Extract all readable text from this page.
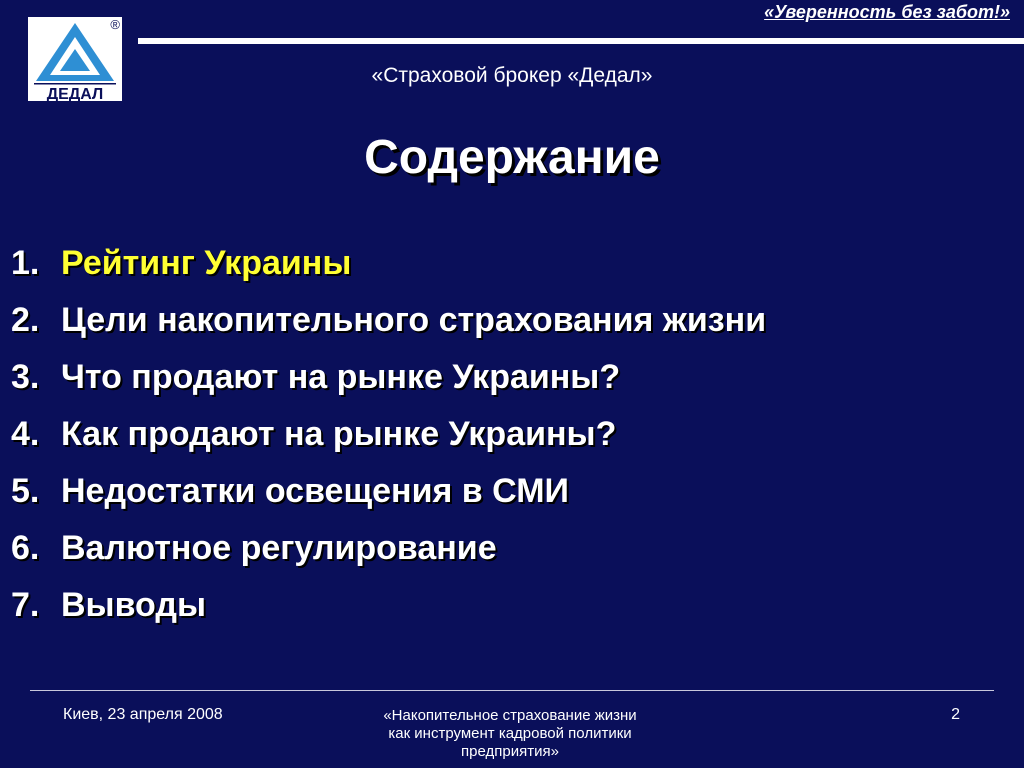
ДЕДАЛ
®
«Уверенность без забот!»
«Страховой брокер «Дедал»
Содержание
1. Рейтинг Украины
2. Цели накопительного страхования жизни
3. Что продают на рынке Украины?
4. Как продают на рынке Украины?
5. Недостатки освещения в СМИ
6. Валютное регулирование
7. Выводы
Киев, 23 апреля 2008	«Накопительное страхование жизни
как инструмент кадровой политики
предприятия»
2
